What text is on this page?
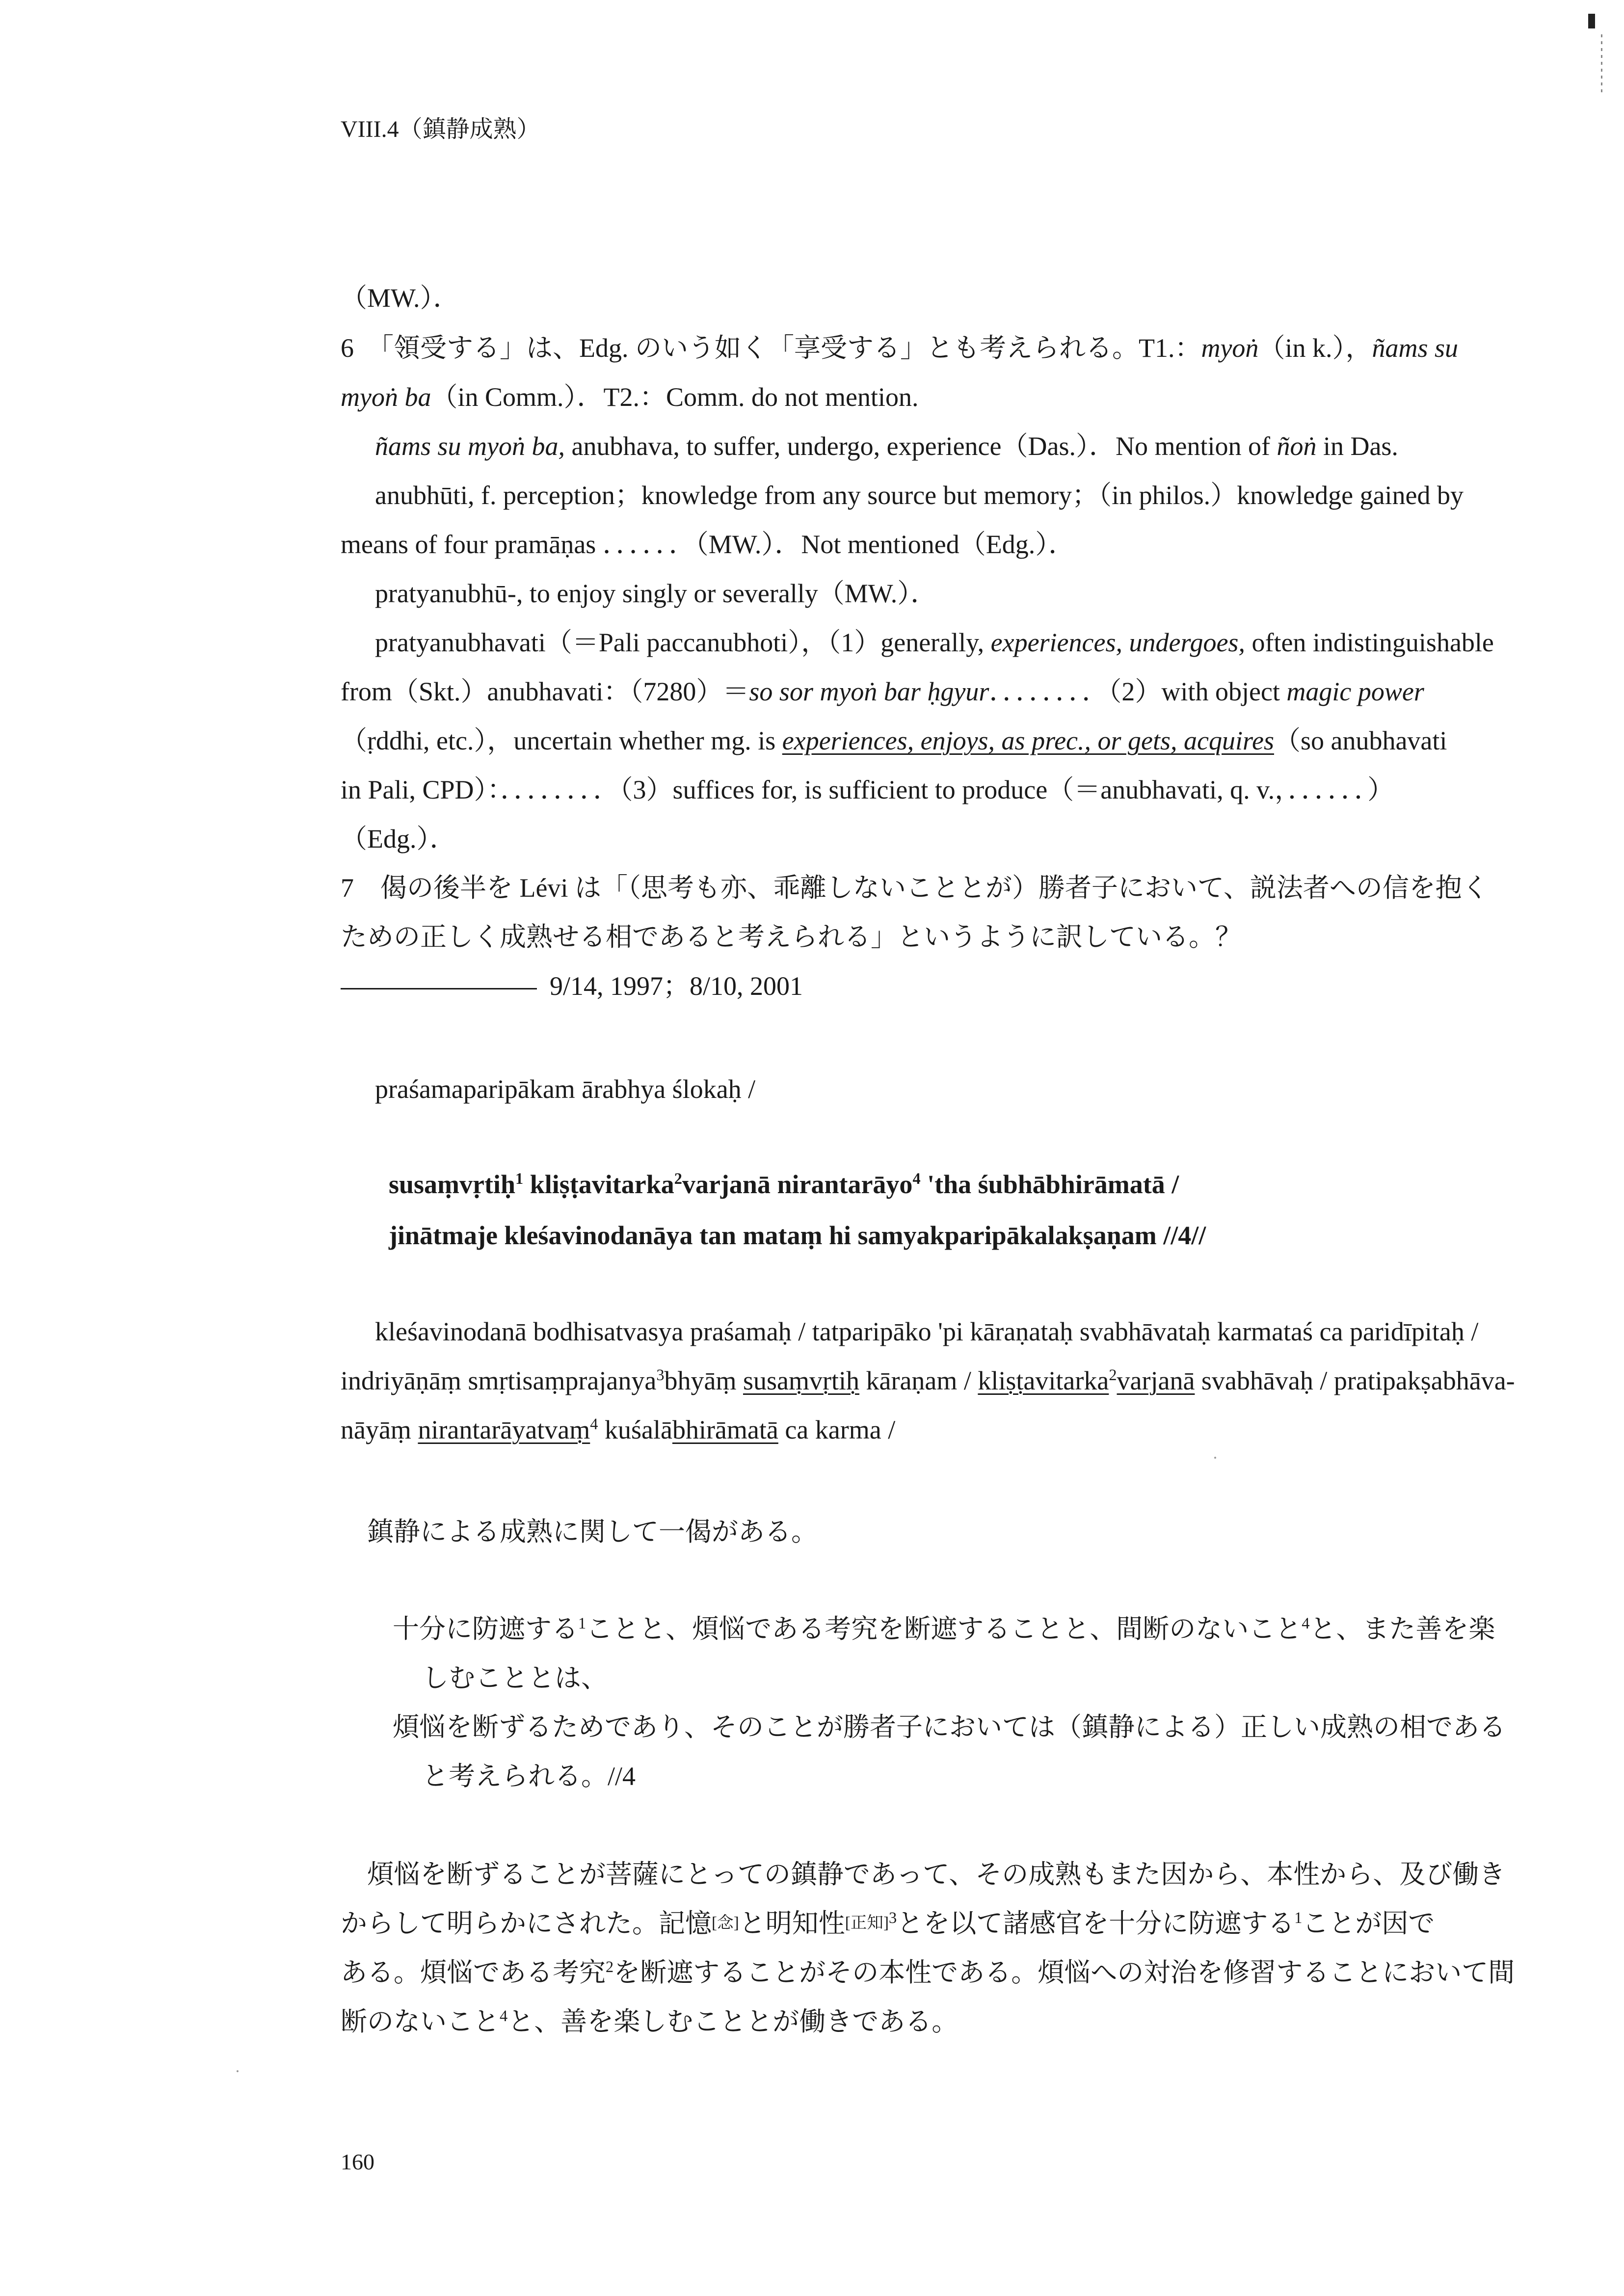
VIII.4（鎮静成熟）
（MW.）．
6　 「領受する」は、Edg. のいう如く「享受する」とも考えられる。T1.：myoṅ（in k.），ñams su
myoṅ ba（in Comm.）．T2.：Comm. do not mention.
ñams su myoṅ ba, anubhava, to suffer, undergo, experience（Das.）．No mention of ñoṅ in Das.
anubhūti, f. perception；knowledge from any source but memory；（in philos.）knowledge gained by
means of four pramāṇas ．．．．．．（MW.）．Not mentioned（Edg.）．
pratyanubhū-, to enjoy singly or severally（MW.）．
pratyanubhavati（＝Pali paccanubhoti），（1）generally, experiences, undergoes, often indistinguishable
from（Skt.）anubhavati：（7280）＝so sor myoṅ bar ḥgyur．．．．．．．．（2）with object magic power
（ṛddhi, etc.），uncertain whether mg. is experiences, enjoys, as prec., or gets, acquires（so anubhavati
in Pali, CPD）：．．．．．．．．（3）suffices for, is sufficient to produce（＝anubhavati, q. v.，．．．．．．）
（Edg.）．
7　 偈の後半を Lévi は「（思考も亦、乖離しないこととが）勝者子において、説法者への信を抱く
ための正しく成熟せる相であると考えられる」というように訳している。？
9/14, 1997；8/10, 2001
praśamaparipākam ārabhya ślokaḥ /
susaṃvṛtiḥ$^1$ kliṣṭavitarka$^2$varjanā nirantarāyo$^4$ 'tha śubhābhirāmatā /
jinātmaje kleśavinodanāya tan mataṃ hi samyakparipākalakṣaṇam //4//
kleśavinodanā bodhisatvasya praśamaḥ / tatparipāko 'pi kāraṇataḥ svabhāvataḥ karmataś ca paridīpitaḥ /
indriyāṇāṃ smṛtisaṃprajanya$^3$bhyāṃ susaṃvṛtiḥ kāraṇam / kliṣṭavitarka$^2$varjanā svabhāvaḥ / pratipakṣabhāva-
nāyāṃ nirantarāyatvaṃ$^4$ kuśalābhirāmatā ca karma /
鎮静による成熟に関して一偈がある。
十分に防遮する$^1$ことと、煩悩である考究を断遮することと、間断のないこと$^4$と、また善を楽
しむこととは、
煩悩を断ずるためであり、そのことが勝者子においては（鎮静による）正しい成熟の相である
と考えられる。//4
煩悩を断ずることが菩薩にとっての鎮静であって、その成熟もまた因から、本性から、及び働き
からして明らかにされた。記憶[念]と明知性[正知]$^3$とを以て諸感官を十分に防遮する$^1$ことが因で
ある。煩悩である考究$^2$を断遮することがその本性である。煩悩への対治を修習することにおいて間
断のないこと$^4$と、善を楽しむこととが働きである。
160
